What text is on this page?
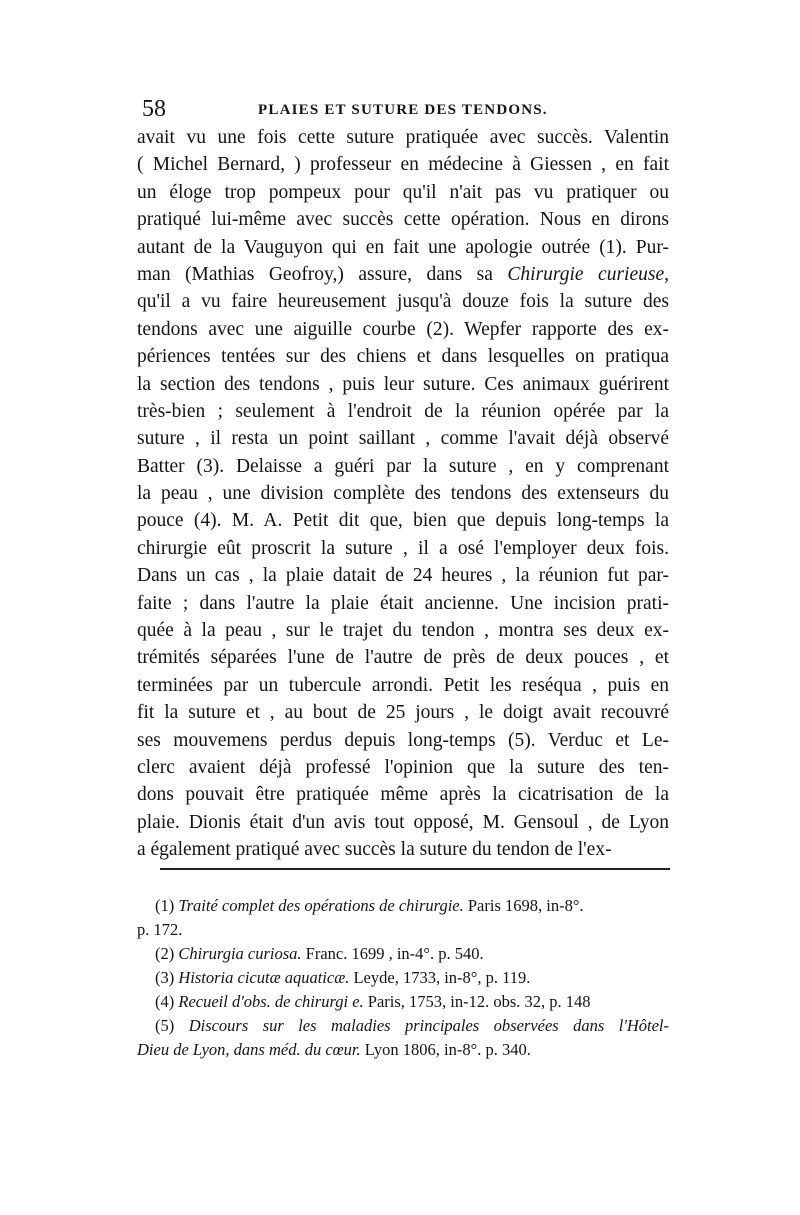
58	PLAIES ET SUTURE DES TENDONS.
avait vu une fois cette suture pratiquée avec succès. Valentin
( Michel Bernard, ) professeur en médecine à Giessen , en fait
un éloge trop pompeux pour qu'il n'ait pas vu pratiquer ou
pratiqué lui-même avec succès cette opération. Nous en dirons
autant de la Vauguyon qui en fait une apologie outrée (1). Pur-
man (Mathias Geofroy,) assure, dans sa Chirurgie curieuse,
qu'il a vu faire heureusement jusqu'à douze fois la suture des
tendons avec une aiguille courbe (2). Wepfer rapporte des ex-
périences tentées sur des chiens et dans lesquelles on pratiqua
la section des tendons , puis leur suture. Ces animaux guérirent
très-bien ; seulement à l'endroit de la réunion opérée par la
suture , il resta un point saillant , comme l'avait déjà observé
Batter (3). Delaisse a guéri par la suture , en y comprenant
la peau , une division complète des tendons des extenseurs du
pouce (4). M. A. Petit dit que, bien que depuis long-temps la
chirurgie eût proscrit la suture , il a osé l'employer deux fois.
Dans un cas , la plaie datait de 24 heures , la réunion fut par-
faite ; dans l'autre la plaie était ancienne. Une incision prati-
quée à la peau , sur le trajet du tendon , montra ses deux ex-
trémités séparées l'une de l'autre de près de deux pouces , et
terminées par un tubercule arrondi. Petit les reséqua , puis en
fit la suture et , au bout de 25 jours , le doigt avait recouvré
ses mouvemens perdus depuis long-temps (5). Verduc et Le-
clerc avaient déjà professé l'opinion que la suture des ten-
dons pouvait être pratiquée même après la cicatrisation de la
plaie. Dionis était d'un avis tout opposé, M. Gensoul , de Lyon
a également pratiqué avec succès la suture du tendon de l'ex-
(1) Traité complet des opérations de chirurgie. Paris 1698, in-8°.
p. 172.
(2) Chirurgia curiosa. Franc. 1699 , in-4°. p. 540.
(3) Historia cicutæ aquaticæ. Leyde, 1733, in-8°, p. 119.
(4) Recueil d'obs. de chirurgi e. Paris, 1753, in-12. obs. 32, p. 148
(5) Discours sur les maladies principales observées dans l'Hôtel-
Dieu de Lyon, dans méd. du cœur. Lyon 1806, in-8°. p. 340.
